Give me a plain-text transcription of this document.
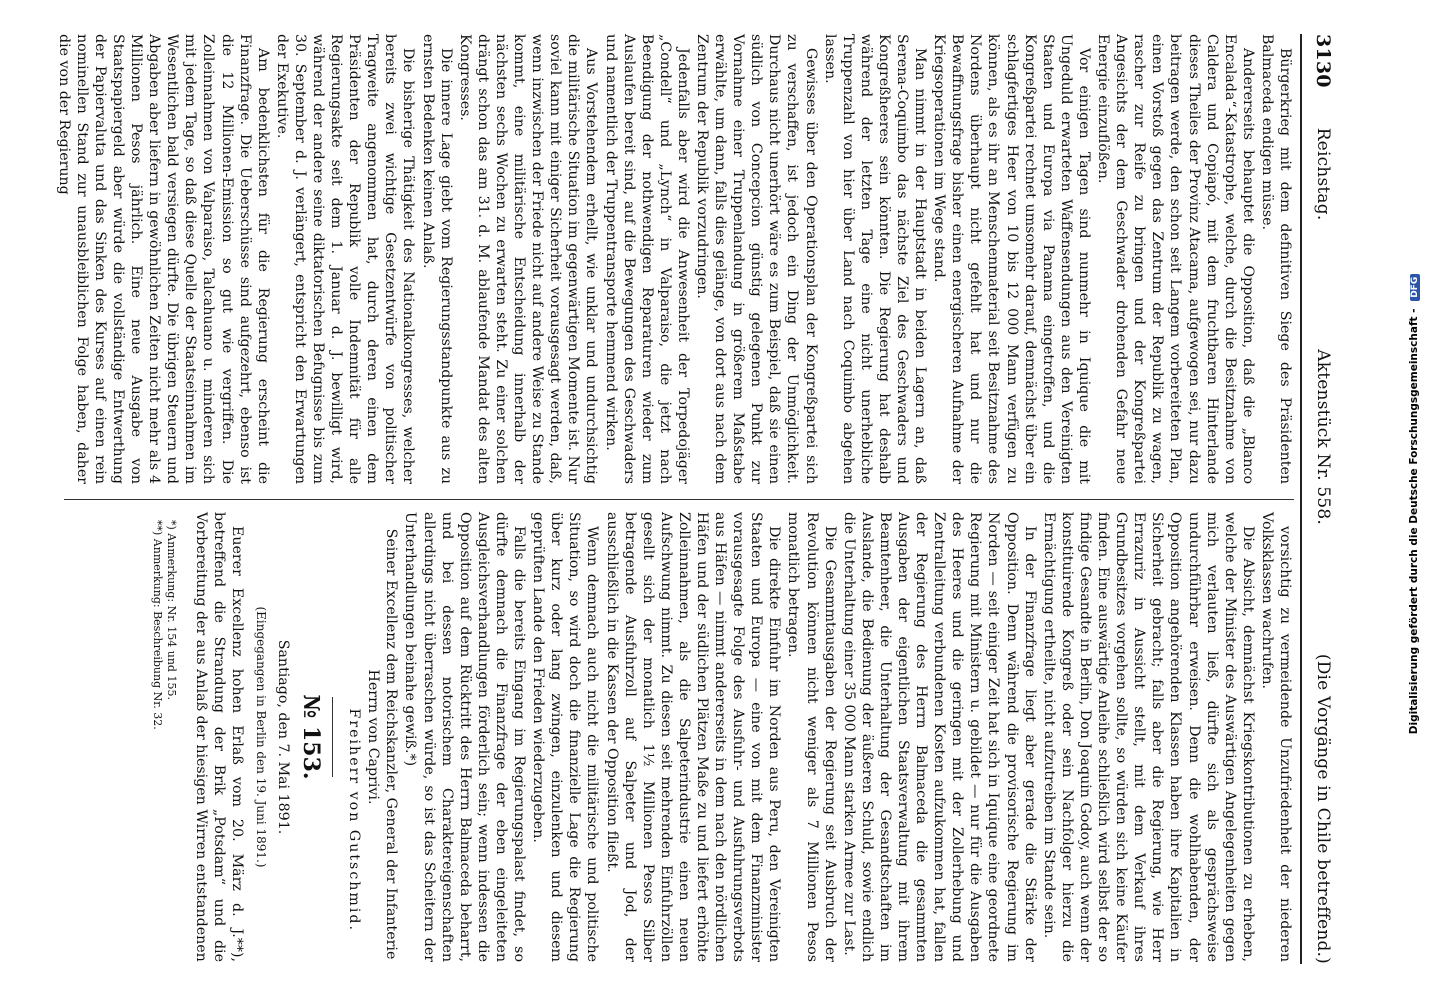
3130
Reichstag.
Aktenstück Nr. 558.
(Die Vorgänge in Chile betreffend.)

Bürgerkrieg mit dem definitiven Siege des Präsidenten Balmaceda endigen müsse.

Andererseits behauptet die Opposition, daß die „Blanco Encalada“-Katastrophe, welche, durch die Besitznahme von Caldera und Copiapó, mit dem fruchtbaren Hinterlande dieses Theiles der Provinz Atacama, aufgewogen sei, nur dazu beitragen werde, den schon seit Langem vorbereiteten Plan, einen Vorstoß gegen das Zentrum der Republik zu wagen, rascher zur Reife zu bringen und der Kongreßpartei Angesichts der dem Geschwader drohenden Gefahr neue Energie einzuflößen.

Vor einigen Tagen sind nunmehr in Iquique die mit Ungeduld erwarteten Waffensendungen aus den Vereinigten Staaten und Europa via Panama eingetroffen, und die Kongreßpartei rechnet umsomehr darauf, demnächst über ein schlagfertiges Heer von 10 bis 12 000 Mann verfügen zu können, als es ihr an Menschenmaterial seit Besitznahme des Nordens überhaupt nicht gefehlt hat und nur die Bewaffnungsfrage bisher einen energischeren Aufnahme der Kriegsoperationen im Wege stand.

Man nimmt in der Hauptstadt in beiden Lagern an, daß Serena-Coquimbo das nächste Ziel des Geschwaders und Kongreßheeres sein könnten. Die Regierung hat deshalb während der letzten Tage eine nicht unerhebliche Truppenzahl von hier über Land nach Coquimbo abgehen lassen.

Gewisses über den Operationsplan der Kongreßpartei sich zu verschaffen, ist jedoch ein Ding der Unmöglichkeit. Durchaus nicht unerhört wäre es zum Beispiel, daß sie einen südlich von Concepcion günstig gelegenen Punkt zur Vornahme einer Truppenlandung in größerem Maßstabe erwählte, um dann, falls dies gelänge, von dort aus nach dem Zentrum der Republik vorzudringen.

Jedenfalls aber wird die Anwesenheit der Torpedojäger „Condell“ und „Lynch“ in Valparaiso, die jetzt nach Beendigung der nothwendigen Reparaturen wieder zum Auslaufen bereit sind, auf die Bewegungen des Geschwaders und namentlich der Truppentransporte hemmend wirken.

Aus Vorstehendem erhellt, wie unklar und undurchsichtig die militärische Situation im gegenwärtigen Momente ist. Nur soviel kann mit einiger Sicherheit vorausgesagt werden, daß, wenn inzwischen der Friede nicht auf andere Weise zu Stande kommt, eine militärische Entscheidung innerhalb der nächsten sechs Wochen zu erwarten steht. Zu einer solchen drängt schon das am 31. d. M. ablaufende Mandat des alten Kongresses.

Die innere Lage giebt vom Regierungsstandpunkte aus zu ernsten Bedenken keinen Anlaß.

Die bisherige Thätigkeit des Nationalkongresses, welcher bereits zwei wichtige Gesetzentwürfe von politischer Tragweite angenommen hat, durch deren einen dem Präsidenten der Republik volle Indemnität für alle Regierungsakte seit dem 1. Januar d. J. bewilligt wird, während der andere seine diktatorischen Befugnisse bis zum 30. September d. J. verlängert, entspricht den Erwartungen der Exekutive.

Am bedenklichsten für die Regierung erscheint die Finanzfrage. Die Ueberschüsse sind aufgezehrt, ebenso ist die 12 Millionen-Emission so gut wie vergriffen. Die Zolleinnahmen von Valparaiso, Talcahuano u. minderen sich mit jedem Tage, so daß diese Quelle der Staatseinnahmen im Wesentlichen bald versiegen dürfte. Die übrigen Steuern und Abgaben aber liefern in gewöhnlichen Zeiten nicht mehr als 4 Millionen Pesos jährlich. Eine neue Ausgabe von Staatspapiergeld aber würde die vollständige Entwerthung der Papiervaluta und das Sinken des Kurses auf einen rein nominellen Stand zur unausbleiblichen Folge haben, daher die von der Regierung

vorsichtig zu vermeidende Unzufriedenheit der niederen Volksklassen wachrufen.

Die Absicht, demnächst Kriegskontributionen zu erheben, welche der Minister des Auswärtigen Angelegenheiten gegen mich verlauten ließ, dürfte sich als gesprächsweise undurchführbar erweisen. Denn die wohlhabenden, der Opposition angehörenden Klassen haben ihre Kapitalien in Sicherheit gebracht; falls aber die Regierung, wie Herr Errazuriz in Aussicht stellt, mit dem Verkauf ihres Grundbesitzes vorgehen sollte, so würden sich keine Käufer finden. Eine auswärtige Anleihe schließlich wird selbst der so findige Gesandte in Berlin, Don Joaquin Godoy, auch wenn der konstituirende Kongreß oder sein Nachfolger hierzu die Ermächtigung ertheilte, nicht aufzutreiben im Stande sein.

In der Finanzfrage liegt aber gerade die Stärke der Opposition. Denn während die provisorische Regierung im Norden — seit einiger Zeit hat sich in Iquique eine geordnete Regierung mit Ministern u. gebildet — nur für die Ausgaben des Heeres und die geringen mit der Zollerhebung und Zentralleitung verbundenen Kosten aufzukommen hat, fallen der Regierung des Herrn Balmaceda die gesammten Ausgaben der eigentlichen Staatsverwaltung mit ihrem Beamtenheer, die Unterhaltung der Gesandtschaften im Auslande, die Bedienung der äußeren Schuld, sowie endlich die Unterhaltung einer 35 000 Mann starken Armee zur Last.

Die Gesammtausgaben der Regierung seit Ausbruch der Revolution können nicht weniger als 7 Millionen Pesos monatlich betragen.

Die direkte Einfuhr im Norden aus Peru, den Vereinigten Staaten und Europa — eine von mit dem Finanzminister vorausgesagte Folge des Ausfuhr- und Ausfuhrungsverbots aus Häfen — nimmt andererseits in dem nach den nördlichen Häfen und der südlichen Plätzen Maße zu und liefert erhöhte Zolleinnahmen, als die Salpeterindustrie einen neuen Aufschwung nimmt. Zu diesen seit mehrenden Einfuhrzöllen gesellt sich der monatlich 1½ Millionen Pesos Silber betragende Ausfuhrzoll auf Salpeter und Jod, der ausschließlich in die Kassen der Opposition fließt.

Wenn demnach auch nicht die militärische und politische Situation, so wird doch die finanzielle Lage die Regierung über kurz oder lang zwingen, einzulenken und diesem geprüften Lande den Frieden wiederzugeben.

Falls die bereits Eingang im Regierungspalast findet, so dürfte demnach die Finanzfrage der eben eingeleiteten Ausgleichsverhandlungen förderlich sein; wenn indessen die Opposition auf dem Rücktritt des Herrn Balmaceda beharrt, und bei dessen notorischem Charaktereigenschaften allerdings nicht überraschen würde, so ist das Scheitern der Unterhandlungen beinahe gewiß.*)

Seiner Excellenz dem Reichskanzler, General der Infanterie Herrn von Caprivi.

Freiherr von Gutschmid.

№ 153.
Santiago, den 7. Mai 1891.
(Eingegangen in Berlin den 19. Juni 1891.)

Euerer Excellenz hohen Erlaß vom 20. März d. J.**), betreffend die Strandung der Brik „Potsdam“ und die Vorbereitung der aus Anlaß der hiesigen Wirren entstandenen

*) Anmerkung: Nr. 154 und 155.
**) Anmerkung: Beschreibung Nr. 32.	Digitalisierung gefördert durch die Deutsche Forschungsgemeinschaft - DFG
